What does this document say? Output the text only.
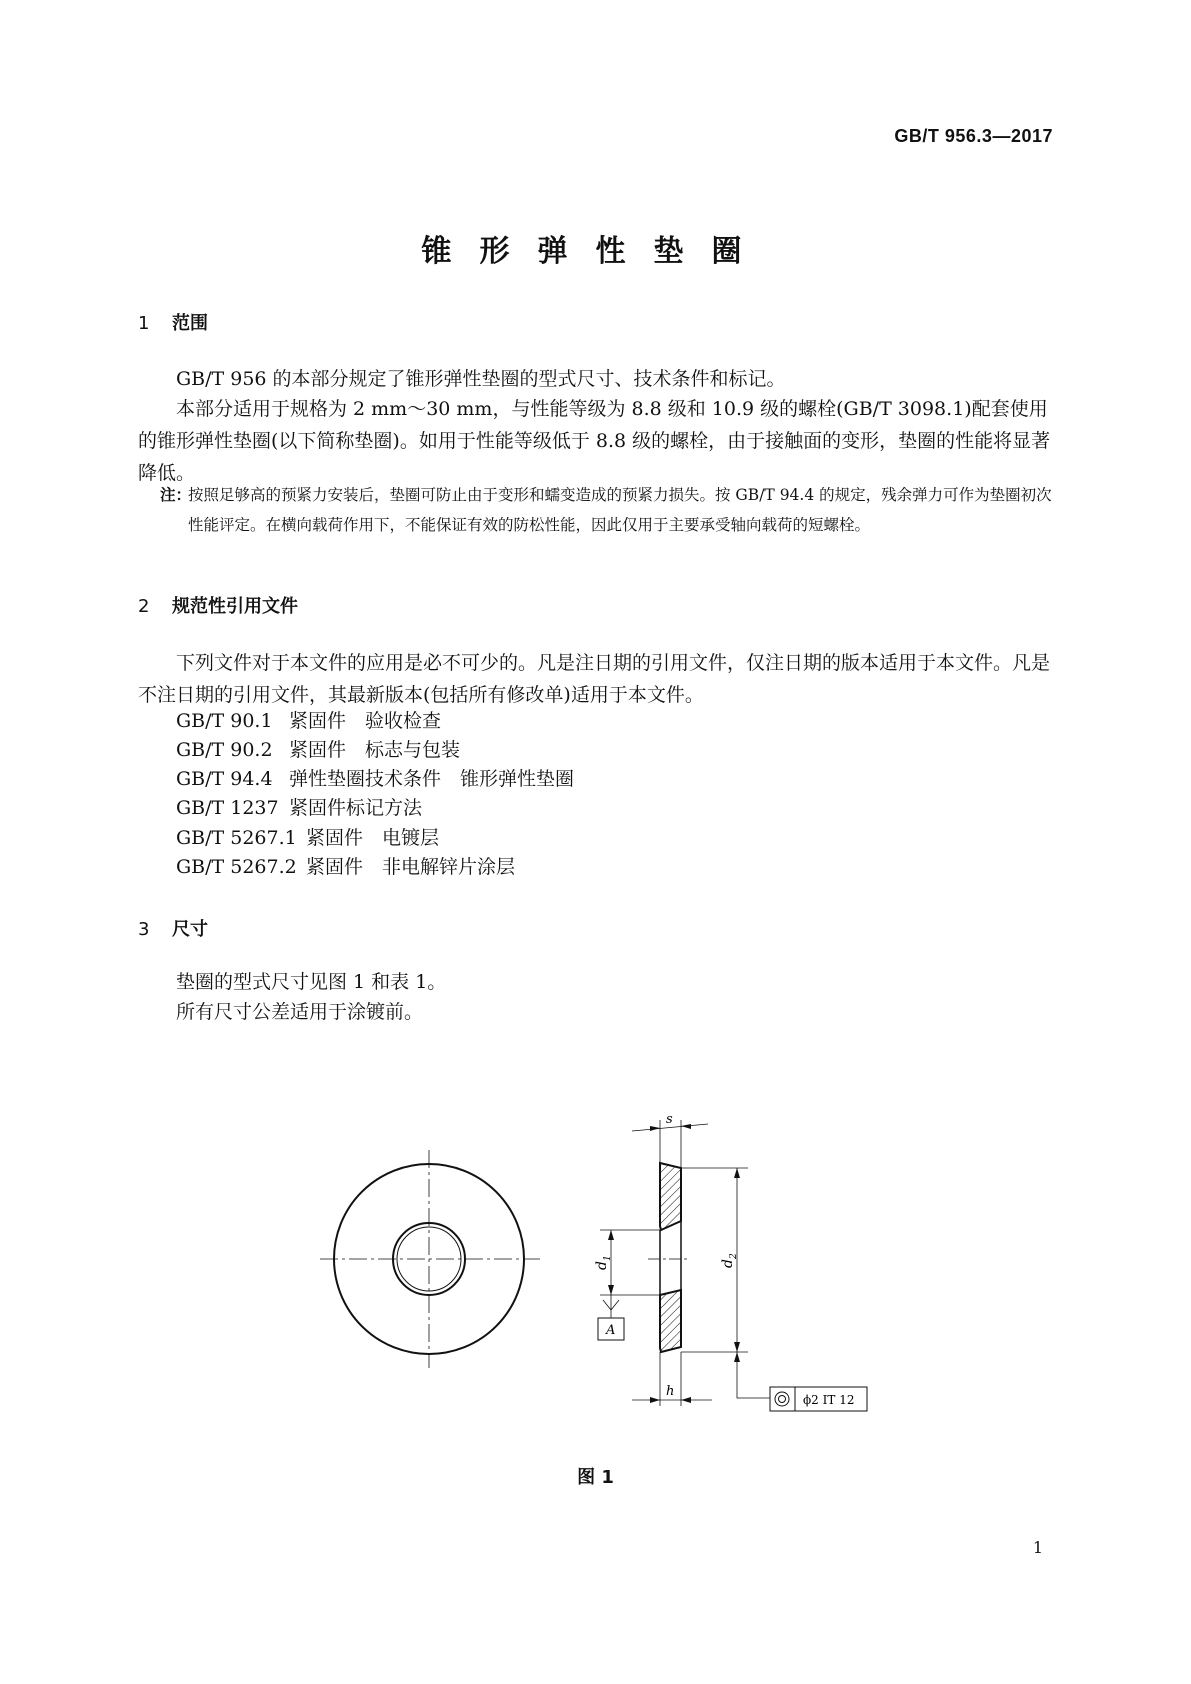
GB/T 956.3—2017
锥形弹性垫圈
1 范围
GB/T 956 的本部分规定了锥形弹性垫圈的型式尺寸、技术条件和标记。
本部分适用于规格为 2 mm～30 mm，与性能等级为 8.8 级和 10.9 级的螺栓(GB/T 3098.1)配套使用的锥形弹性垫圈(以下简称垫圈)。如用于性能等级低于 8.8 级的螺栓，由于接触面的变形，垫圈的性能将显著降低。
注：
按照足够高的预紧力安装后，垫圈可防止由于变形和蠕变造成的预紧力损失。按 GB/T 94.4 的规定，残余弹力可作为垫圈初次性能评定。在横向载荷作用下，不能保证有效的防松性能，因此仅用于主要承受轴向载荷的短螺栓。
2 规范性引用文件
下列文件对于本文件的应用是必不可少的。凡是注日期的引用文件，仅注日期的版本适用于本文件。凡是不注日期的引用文件，其最新版本(包括所有修改单)适用于本文件。
GB/T 90.1 紧固件　验收检查
GB/T 90.2 紧固件　标志与包装
GB/T 94.4 弹性垫圈技术条件　锥形弹性垫圈
GB/T 1237 紧固件标记方法
GB/T 5267.1 紧固件　电镀层
GB/T 5267.2 紧固件　非电解锌片涂层
3 尺寸
垫圈的型式尺寸见图 1 和表 1。
所有尺寸公差适用于涂镀前。
s
$d_1$
A
$d_2$
h
ϕ2 IT 12
图 1
1
